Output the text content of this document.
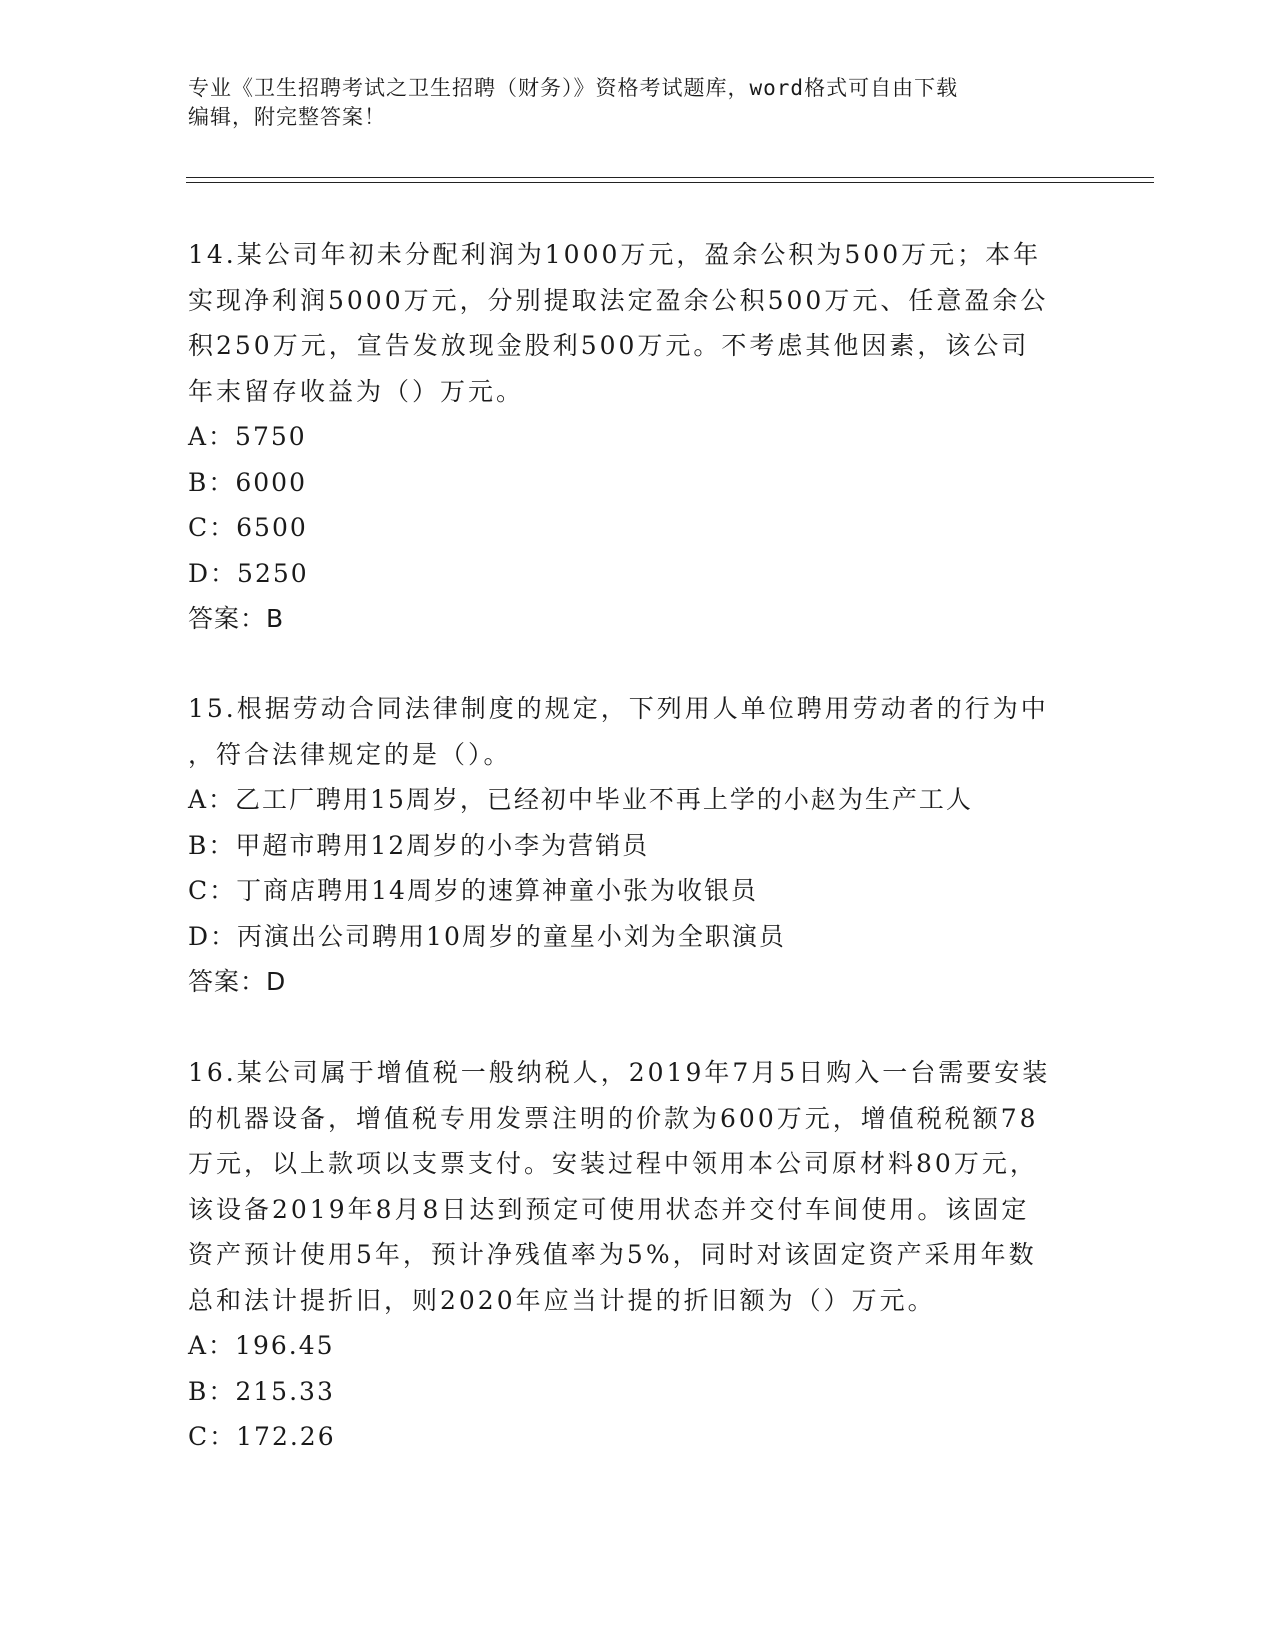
专业《卫生招聘考试之卫生招聘（财务）》资格考试题库，word格式可自由下载
编辑，附完整答案！
14.某公司年初未分配利润为1000万元，盈余公积为500万元；本年
实现净利润5000万元，分别提取法定盈余公积500万元、任意盈余公
积250万元，宣告发放现金股利500万元。不考虑其他因素，该公司
年末留存收益为（）万元。
A：5750
B：6000
C：6500
D：5250
答案：B
15.根据劳动合同法律制度的规定，下列用人单位聘用劳动者的行为中
，符合法律规定的是（）。
A：乙工厂聘用15周岁，已经初中毕业不再上学的小赵为生产工人
B：甲超市聘用12周岁的小李为营销员
C：丁商店聘用14周岁的速算神童小张为收银员
D：丙演出公司聘用10周岁的童星小刘为全职演员
答案：D
16.某公司属于增值税一般纳税人，2019年7月5日购入一台需要安装
的机器设备，增值税专用发票注明的价款为600万元，增值税税额78
万元，以上款项以支票支付。安装过程中领用本公司原材料80万元，
该设备2019年8月8日达到预定可使用状态并交付车间使用。该固定
资产预计使用5年，预计净残值率为5%，同时对该固定资产采用年数
总和法计提折旧，则2020年应当计提的折旧额为（）万元。
A：196.45
B：215.33
C：172.26
